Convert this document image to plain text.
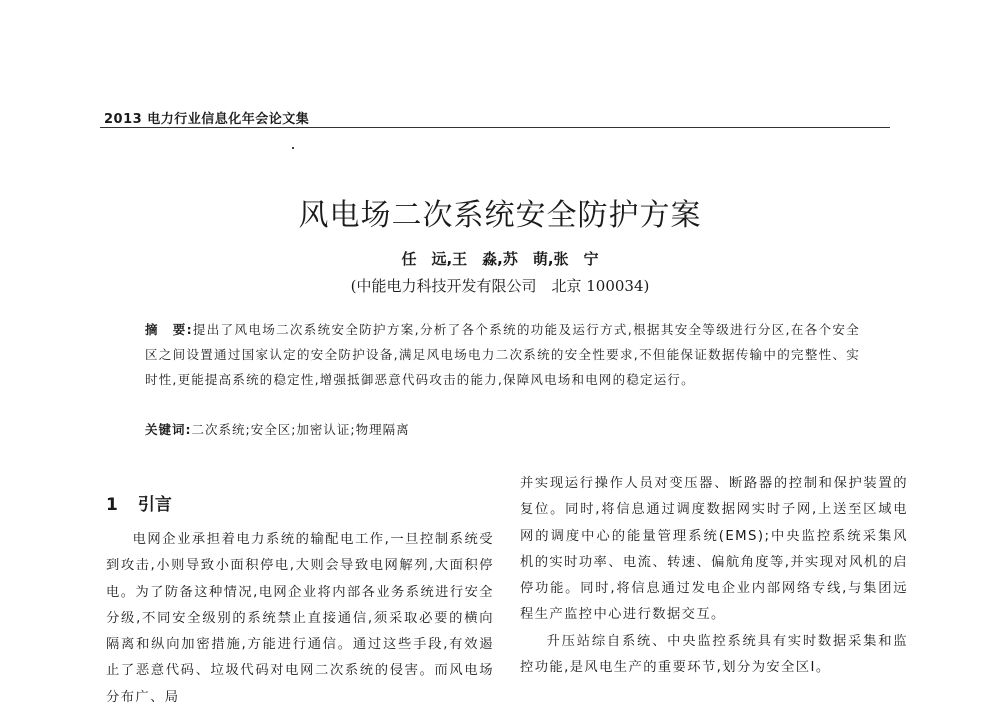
2013 电力行业信息化年会论文集
风电场二次系统安全防护方案
任　远,王　淼,苏　萌,张　宁
(中能电力科技开发有限公司　北京 100034)
摘　要:提出了风电场二次系统安全防护方案,分析了各个系统的功能及运行方式,根据其安全等级进行分区,在各个安全区之间设置通过国家认定的安全防护设备,满足风电场电力二次系统的安全性要求,不但能保证数据传输中的完整性、实时性,更能提高系统的稳定性,增强抵御恶意代码攻击的能力,保障风电场和电网的稳定运行。
关键词:二次系统;安全区;加密认证;物理隔离
1 引言

电网企业承担着电力系统的输配电工作,一旦控制系统受到攻击,小则导致小面积停电,大则会导致电网解列,大面积停电。为了防备这种情况,电网企业将内部各业务系统进行安全分级,不同安全级别的系统禁止直接通信,须采取必要的横向隔离和纵向加密措施,方能进行通信。通过这些手段,有效遏止了恶意代码、垃圾代码对电网二次系统的侵害。而风电场分布广、局

并实现运行操作人员对变压器、断路器的控制和保护装置的复位。同时,将信息通过调度数据网实时子网,上送至区域电网的调度中心的能量管理系统(EMS);中央监控系统采集风机的实时功率、电流、转速、偏航角度等,并实现对风机的启停功能。同时,将信息通过发电企业内部网络专线,与集团远程生产监控中心进行数据交互。

升压站综自系统、中央监控系统具有实时数据采集和监控功能,是风电生产的重要环节,划分为安全区Ⅰ。
